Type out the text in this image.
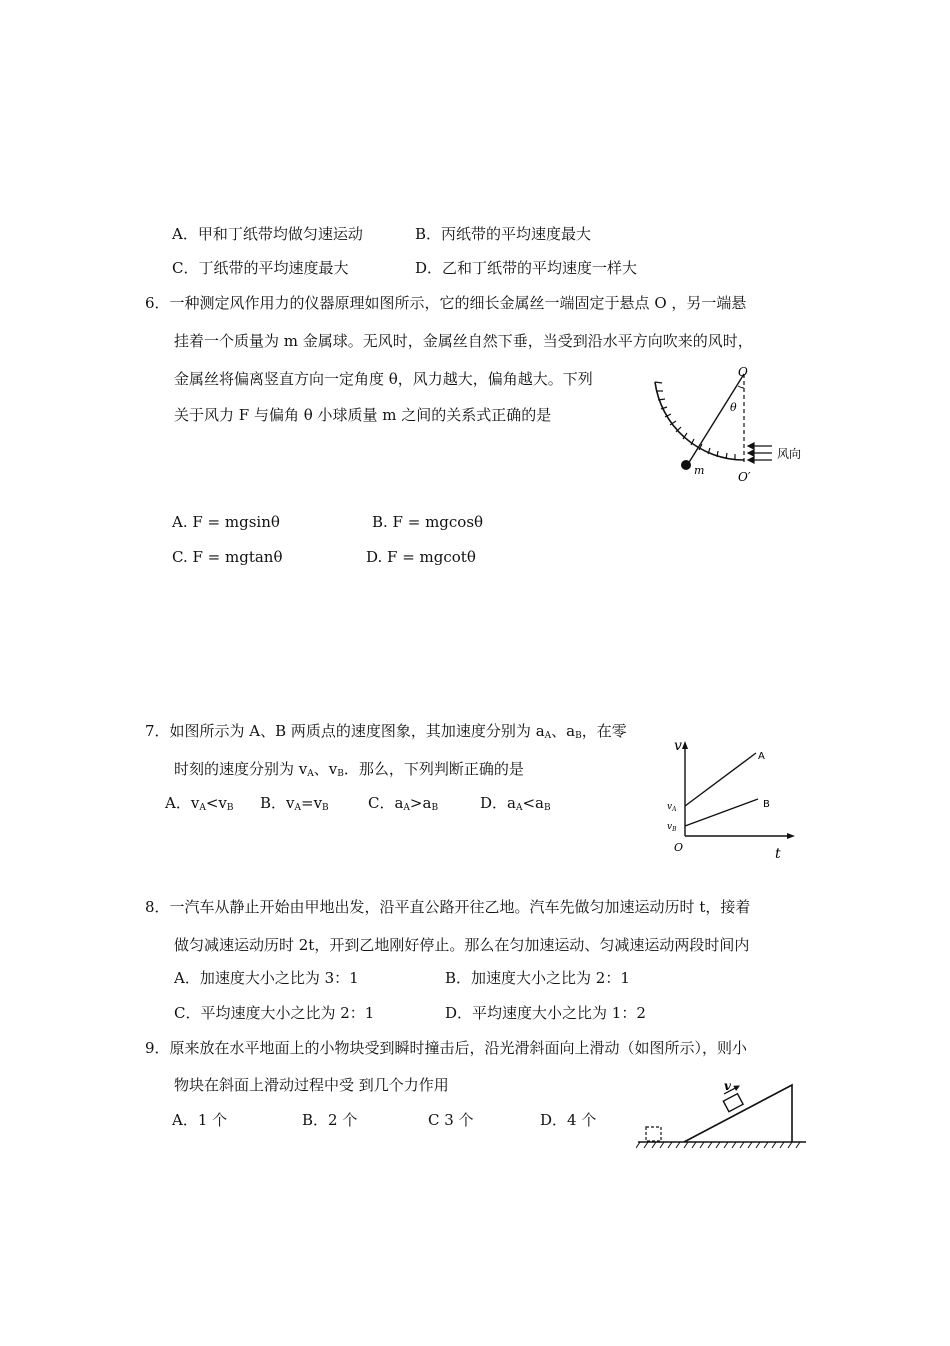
A．甲和丁纸带均做匀速运动	B．丙纸带的平均速度最大
C．丁纸带的平均速度最大	D．乙和丁纸带的平均速度一样大
6．一种测定风作用力的仪器原理如图所示，它的细长金属丝一端固定于悬点 O ，另一端悬
挂着一个质量为 m 金属球。无风时，金属丝自然下垂，当受到沿水平方向吹来的风时，
金属丝将偏离竖直方向一定角度 θ，风力越大，偏角越大。下列
关于风力 F 与偏角 θ 小球质量 m 之间的关系式正确的是
O
θ
m	O′
风向
A. F = mgsinθ	B. F = mgcosθ
C. F = mgtanθ	D. F = mgcotθ
7．如图所示为 A、B 两质点的速度图象，其加速度分别为 $a_A$、$a_B$，在零
时刻的速度分别为 $v_A$、$v_B$．那么，下列判断正确的是
A．$v_A<v_B$ B．$v_A=v_B$	C．$a_A>a_B$	D．$a_A<a_B$
v
t
O
A
B
$v_A$
$v_B$
8．一汽车从静止开始由甲地出发，沿平直公路开往乙地。汽车先做匀加速运动历时 t，接着
做匀减速运动历时 2t，开到乙地刚好停止。那么在匀加速运动、匀减速运动两段时间内
A．加速度大小之比为 3：1	B．加速度大小之比为 2：1
C．平均速度大小之比为 2：1	D．平均速度大小之比为 1：2
9．原来放在水平地面上的小物块受到瞬时撞击后，沿光滑斜面向上滑动（如图所示），则小
物块在斜面上滑动过程中受 到几个力作用
A．1 个	B．2 个	C 3 个	D．4 个
v
